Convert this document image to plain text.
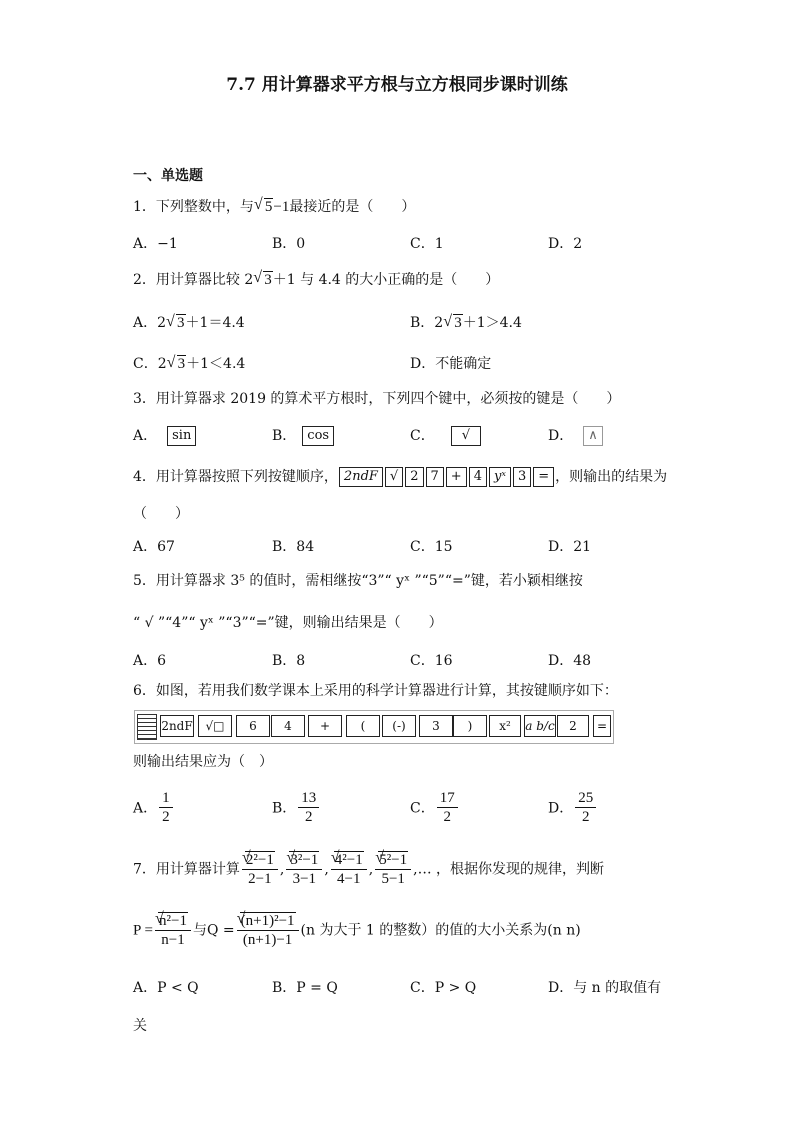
7.7 用计算器求平方根与立方根同步课时训练
一、单选题
1．下列整数中，与 √ 5−1最接近的是（　　）
A．−1	B．0	C．1	D．2
2．用计算器比较 2 √ 3＋1 与 4.4 的大小正确的是（　　）
A．2 √ 3＋1＝4.4	B．2 √ 3＋1＞4.4
C．2 √ 3＋1＜4.4	D．不能确定
3．用计算器求 2019 的算术平方根时，下列四个键中，必须按的键是（　　）
A． sin	B． cos	C． √	D． ∧
4．用计算器按照下列按键顺序， 2ndF √ 2 7 + 4 yˣ 3 = ，则输出的结果为
（　　）
A．67	B．84	C．15	D．21
5．用计算器求 3⁵ 的值时，需相继按“3”“ yˣ ”“5”“=”键，若小颖相继按
“ √ ”“4”“ yˣ ”“3”“=”键，则输出结果是（　　）
A．6	B．8	C．16	D．48
6．如图，若用我们数学课本上采用的科学计算器进行计算，其按键顺序如下：
2ndF	√□	6	4	+	(	(-)	3	)	x²	a b/c	2	=
则输出结果应为（　）
A． $\frac{1}{2}$	B． $\frac{13}{2}$	C． $\frac{17}{2}$	D． $\frac{25}{2}$
7．用计算器计算 √ $\frac{\text{2²−1}}{2-1}$ , √ $\frac{\text{3²−1}}{3-1}$ , √ $\frac{\text{4²−1}}{4-1}$ , √ $\frac{\text{5²−1}}{5-1}$ ,… ，根据你发现的规律，判断
P = √ $\frac{\text{n²−1}}{n-1}$ 与Q = √ $\frac{\text{(n+1)²−1}}{(n+1)-1} (n$ 为大于 1 的整数）的值的大小关系为(n n)
A．P < Q	B．P = Q	C．P > Q	D．与 n 的取值有
关
